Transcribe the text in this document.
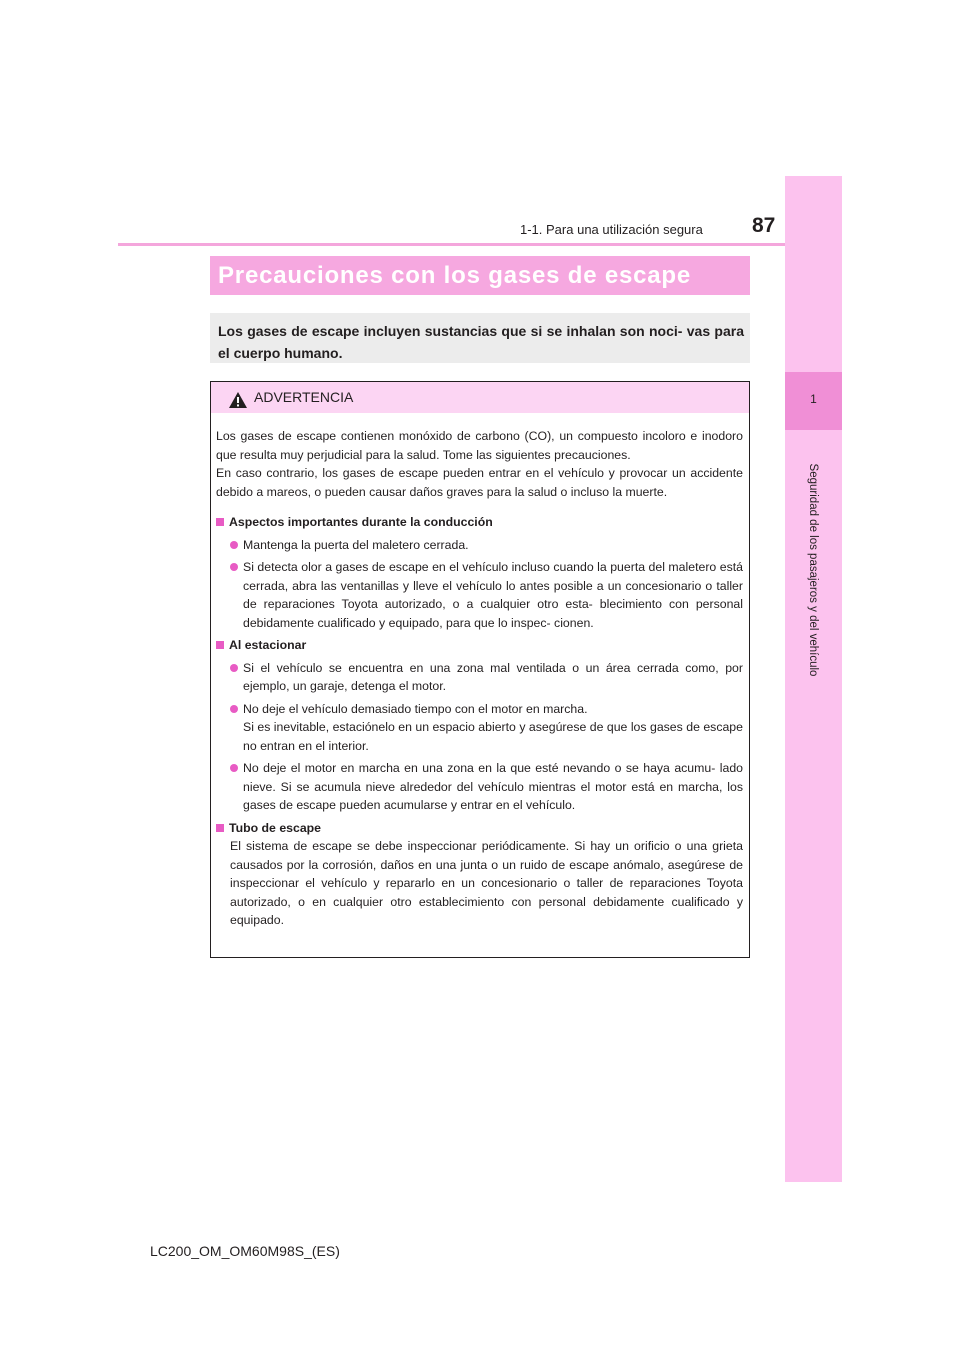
1-1. Para una utilización segura 87
1
Seguridad de los pasajeros y del vehículo
Precauciones con los gases de escape

Los gases de escape incluyen sustancias que si se inhalan son noci- vas para el cuerpo humano.

ADVERTENCIA

Los gases de escape contienen monóxido de carbono (CO), un compuesto incoloro e inodoro que resulta muy perjudicial para la salud. Tome las siguientes precauciones.

En caso contrario, los gases de escape pueden entrar en el vehículo y provocar un accidente debido a mareos, o pueden causar daños graves para la salud o incluso la muerte.

Aspectos importantes durante la conducción
Mantenga la puerta del maletero cerrada.
Si detecta olor a gases de escape en el vehículo incluso cuando la puerta del maletero está cerrada, abra las ventanillas y lleve el vehículo lo antes posible a un concesionario o taller de reparaciones Toyota autorizado, o a cualquier otro esta- blecimiento con personal debidamente cualificado y equipado, para que lo inspec- cionen.
Al estacionar
Si el vehículo se encuentra en una zona mal ventilada o un área cerrada como, por ejemplo, un garaje, detenga el motor.
No deje el vehículo demasiado tiempo con el motor en marcha.
Si es inevitable, estaciónelo en un espacio abierto y asegúrese de que los gases de escape no entran en el interior.
No deje el motor en marcha en una zona en la que esté nevando o se haya acumu- lado nieve. Si se acumula nieve alrededor del vehículo mientras el motor está en marcha, los gases de escape pueden acumularse y entrar en el vehículo.
Tubo de escape
El sistema de escape se debe inspeccionar periódicamente. Si hay un orificio o una grieta causados por la corrosión, daños en una junta o un ruido de escape anómalo, asegúrese de inspeccionar el vehículo y repararlo en un concesionario o taller de reparaciones Toyota autorizado, o en cualquier otro establecimiento con personal debidamente cualificado y equipado.
LC200_OM_OM60M98S_(ES)
